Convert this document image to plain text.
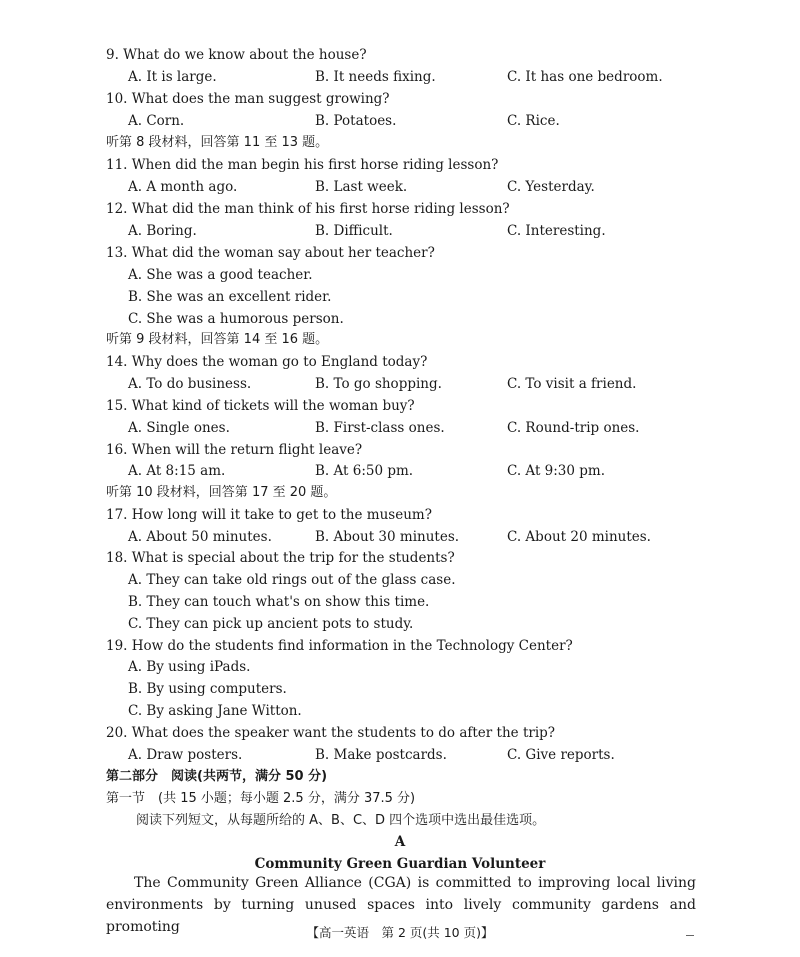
9. What do we know about the house?
A. It is large.	B. It needs fixing.	C. It has one bedroom.
10. What does the man suggest growing?
A. Corn.	B. Potatoes.	C. Rice.
听第 8 段材料，回答第 11 至 13 题。
11. When did the man begin his first horse riding lesson?
A. A month ago.	B. Last week.	C. Yesterday.
12. What did the man think of his first horse riding lesson?
A. Boring.	B. Difficult.	C. Interesting.
13. What did the woman say about her teacher?
A. She was a good teacher.
B. She was an excellent rider.
C. She was a humorous person.
听第 9 段材料，回答第 14 至 16 题。
14. Why does the woman go to England today?
A. To do business.	B. To go shopping.	C. To visit a friend.
15. What kind of tickets will the woman buy?
A. Single ones.	B. First-class ones.	C. Round-trip ones.
16. When will the return flight leave?
A. At 8:15 am.	B. At 6:50 pm.	C. At 9:30 pm.
听第 10 段材料，回答第 17 至 20 题。
17. How long will it take to get to the museum?
A. About 50 minutes.	B. About 30 minutes.	C. About 20 minutes.
18. What is special about the trip for the students?
A. They can take old rings out of the glass case.
B. They can touch what's on show this time.
C. They can pick up ancient pots to study.
19. How do the students find information in the Technology Center?
A. By using iPads.
B. By using computers.
C. By asking Jane Witton.
20. What does the speaker want the students to do after the trip?
A. Draw posters.	B. Make postcards.	C. Give reports.
第二部分　阅读(共两节，满分 50 分)
第一节　(共 15 小题；每小题 2.5 分，满分 37.5 分)
阅读下列短文，从每题所给的 A、B、C、D 四个选项中选出最佳选项。
A
Community Green Guardian Volunteer
The Community Green Alliance (CGA) is committed to improving local living environments by turning unused spaces into lively community gardens and promoting	【高一英语　第 2 页(共 10 页)】
